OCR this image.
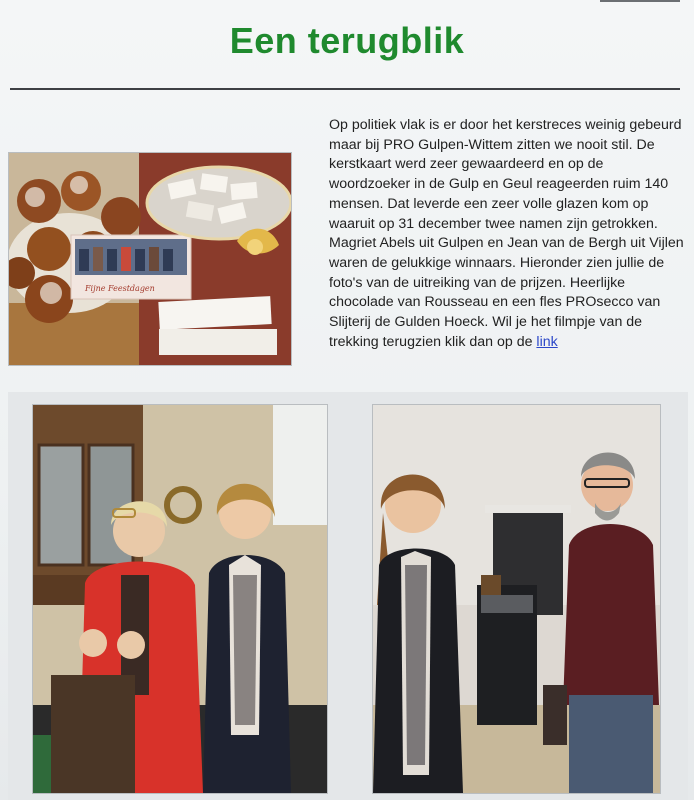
Een terugblik
Fijne Feestdagen

Op politiek vlak is er door het kerstreces weinig gebeurd maar bij PRO Gulpen-Wittem zitten we nooit stil. De kerstkaart werd zeer gewaardeerd en op de woordzoeker in de Gulp en Geul reageerden ruim 140 mensen. Dat leverde een zeer volle glazen kom op waaruit op 31 december twee namen zijn getrokken. Magriet Abels uit Gulpen en Jean van de Bergh uit Vijlen waren de gelukkige winnaars. Hieronder zien jullie de foto's van de uitreiking van de prijzen. Heerlijke chocolade van Rousseau en een fles PROsecco van Slijterij de Gulden Hoeck. Wil je het filmpje van de trekking terugzien klik dan op de link
